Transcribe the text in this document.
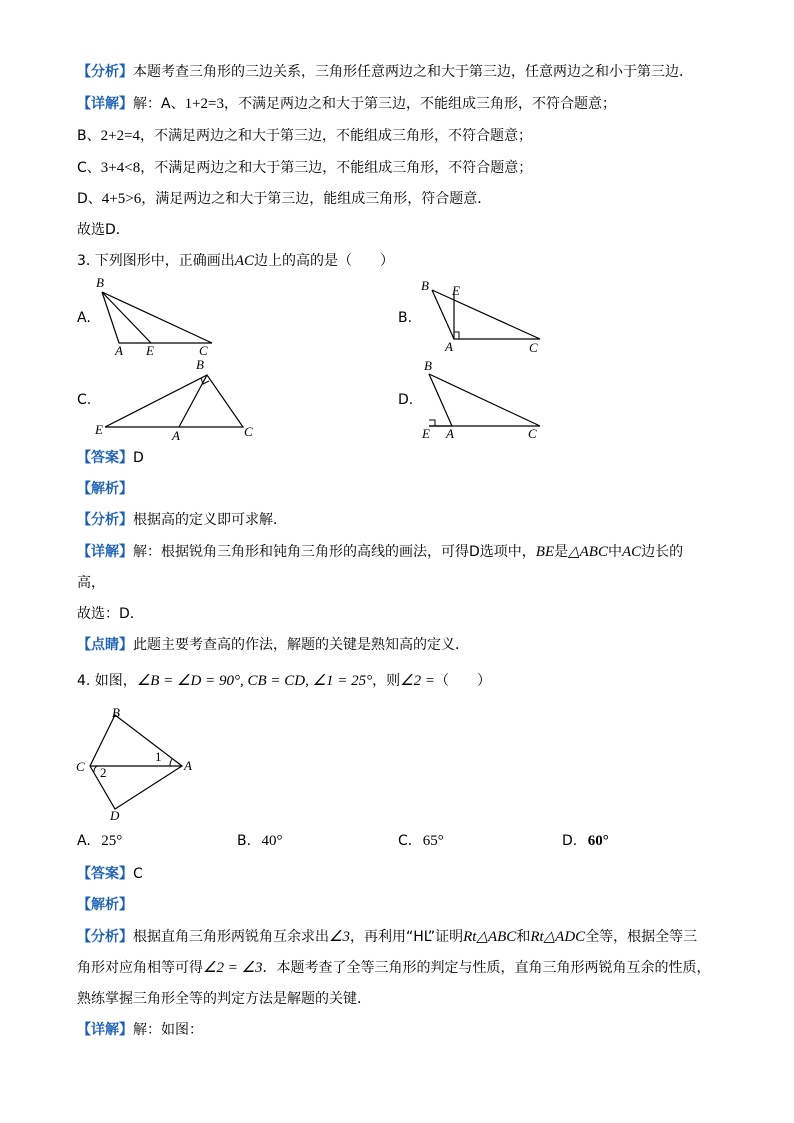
【分析】本题考查三角形的三边关系，三角形任意两边之和大于第三边，任意两边之和小于第三边．
【详解】解：A、1+2=3，不满足两边之和大于第三边，不能组成三角形，不符合题意；
B、2+2=4，不满足两边之和大于第三边，不能组成三角形，不符合题意；
C、3+4<8，不满足两边之和大于第三边，不能组成三角形，不符合题意；
D、4+5>6，满足两边之和大于第三边，能组成三角形，符合题意．
故选D．
3. 下列图形中，正确画出AC边上的高的是（　　）
A.
B
A E	C
B.
B E
A	C
C.
B
E	A	C
D.
B
E A	C
【答案】D
【解析】
【分析】根据高的定义即可求解．
【详解】解：根据锐角三角形和钝角三角形的高线的画法，可得D选项中，BE是△ABC中AC边长的
高，
故选：D．
【点睛】此题主要考查高的作法，解题的关键是熟知高的定义．
4. 如图，∠B = ∠D = 90°, CB = CD, ∠1 = 25°，则∠2 =（　　）
B
C	A
D
1
2
A. 25°	B. 40°	C. 65°	D. 60°
【答案】C
【解析】
【分析】根据直角三角形两锐角互余求出∠3，再利用“HL”证明Rt△ABC和Rt△ADC全等，根据全等三
角形对应角相等可得∠2 = ∠3．本题考查了全等三角形的判定与性质，直角三角形两锐角互余的性质，
熟练掌握三角形全等的判定方法是解题的关键．
【详解】解：如图：
